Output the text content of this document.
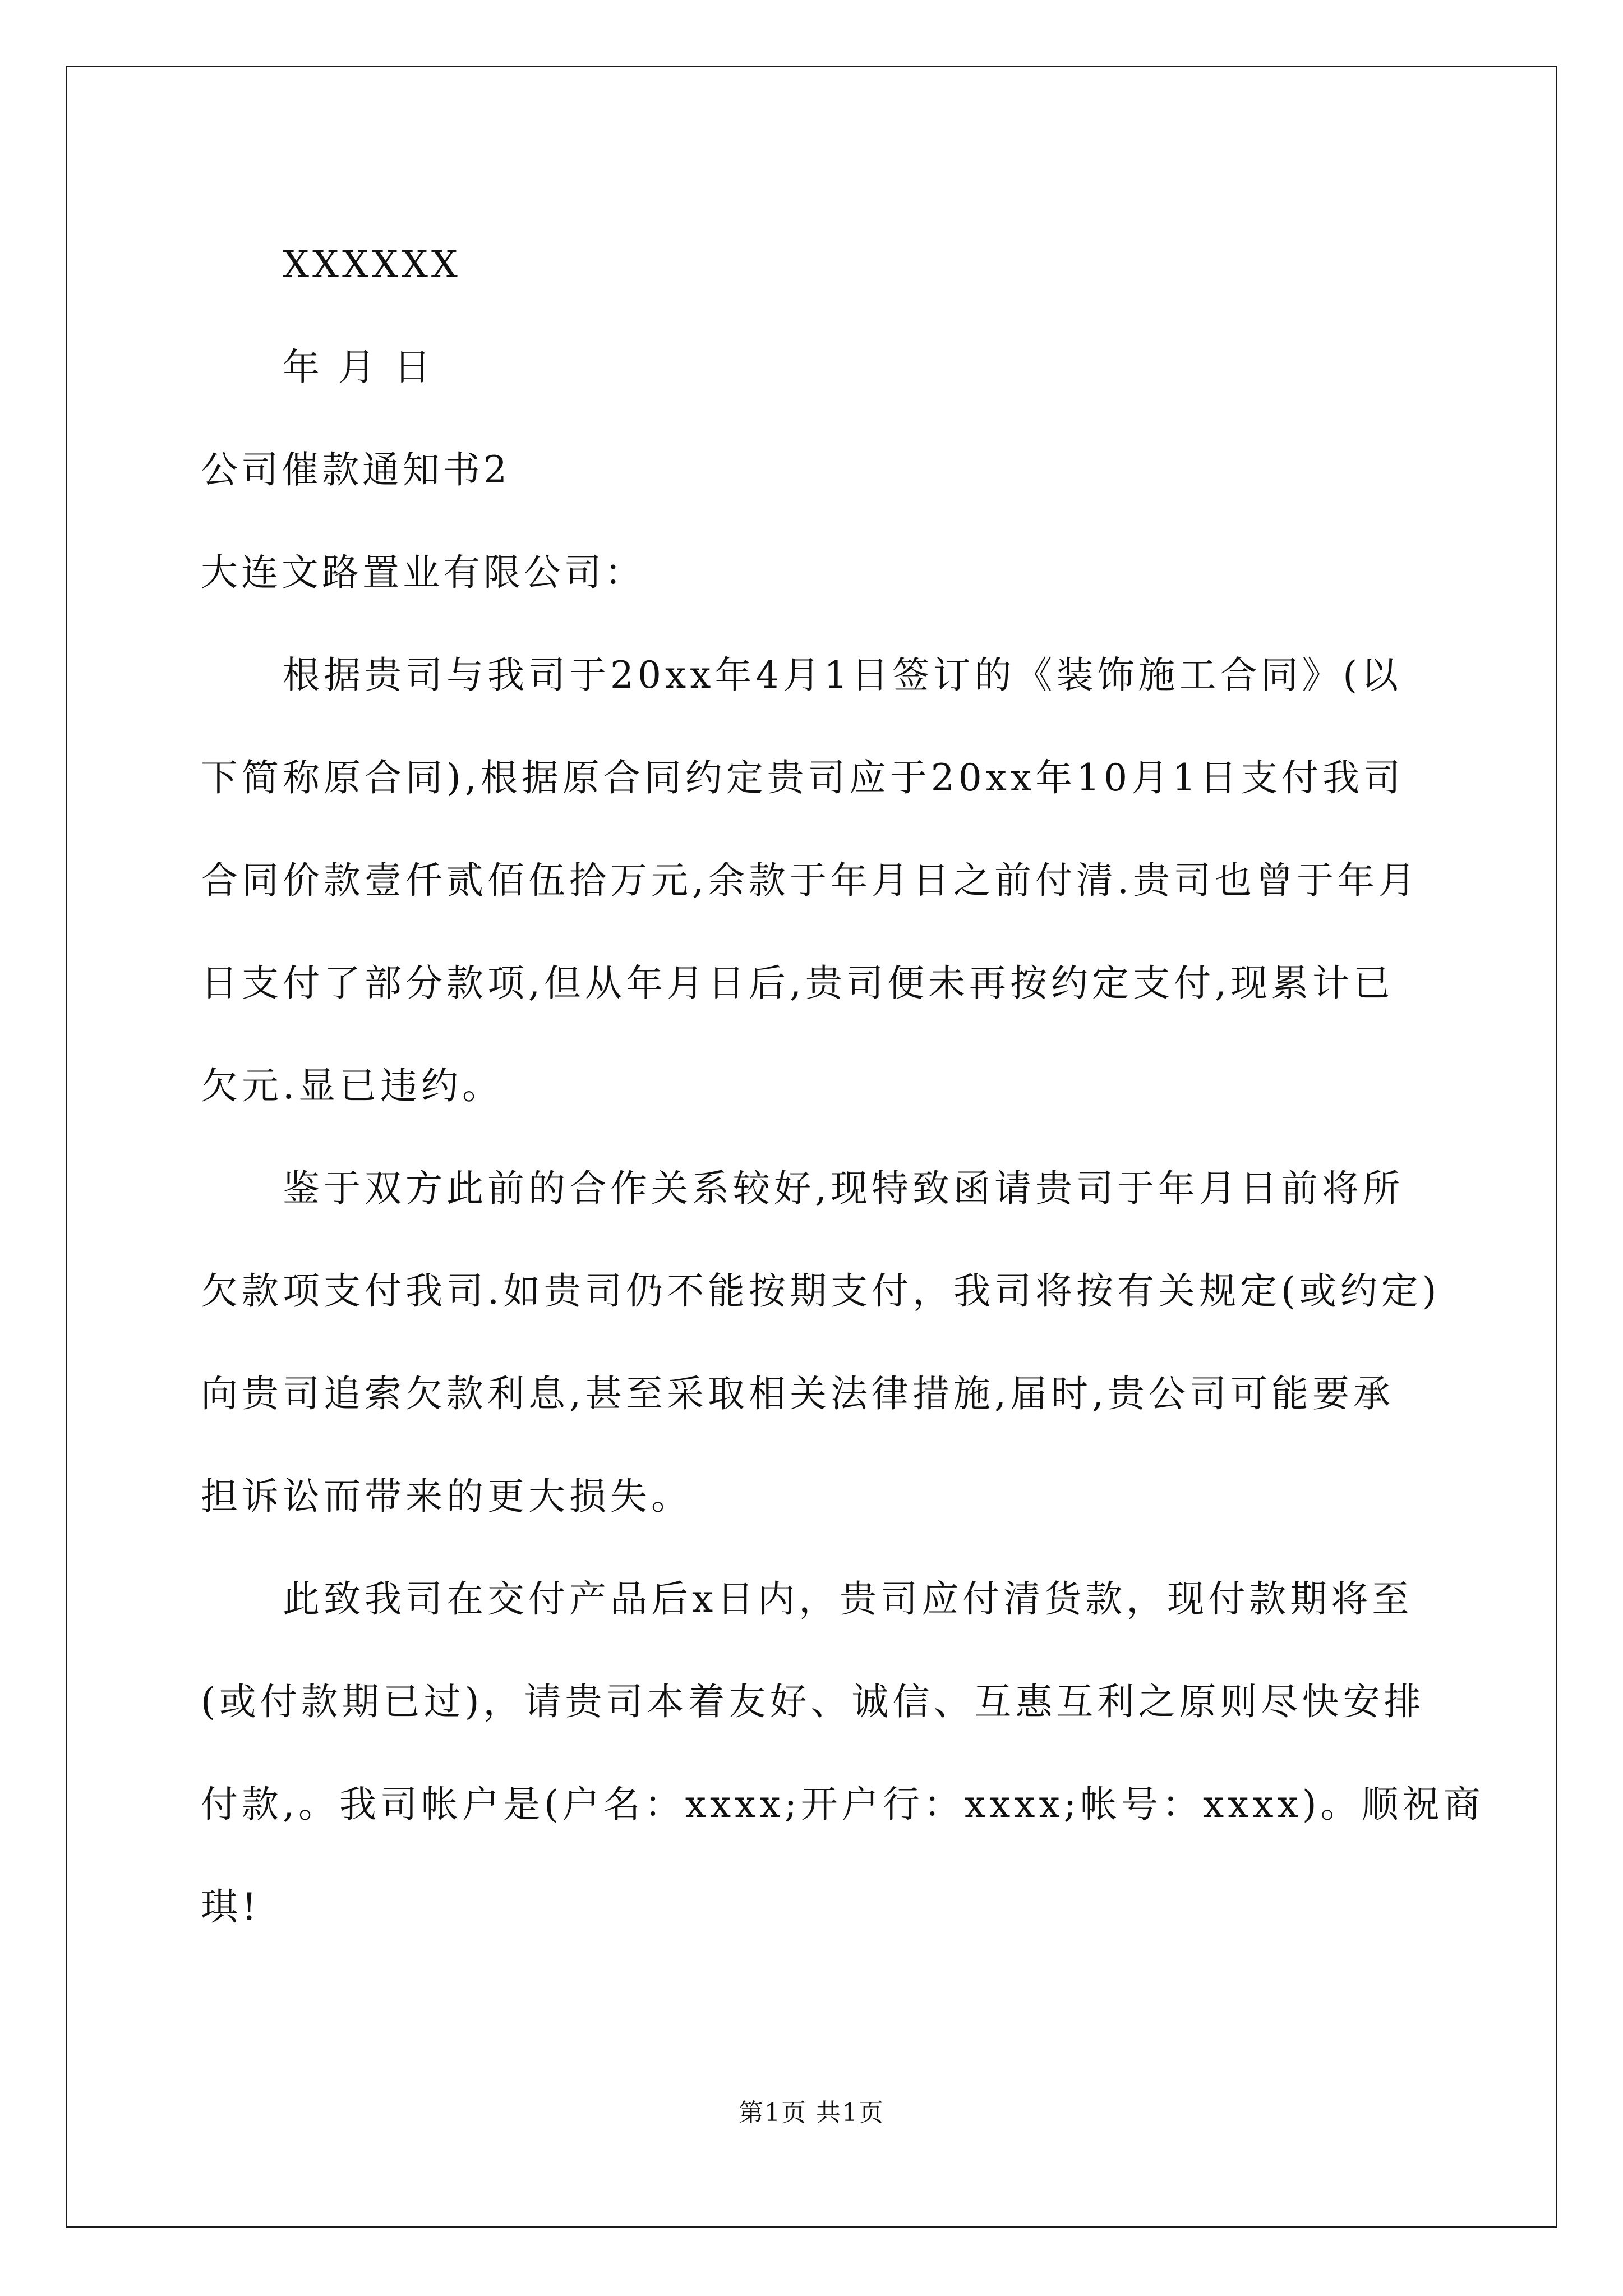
XXXXXX
年 月 日
公司催款通知书2
大连文路置业有限公司：
根据贵司与我司于20xx年4月1日签订的《装饰施工合同》(以
下简称原合同),根据原合同约定贵司应于20xx年10月1日支付我司
合同价款壹仟贰佰伍拾万元,余款于年月日之前付清.贵司也曾于年月
日支付了部分款项,但从年月日后,贵司便未再按约定支付,现累计已
欠元.显已违约。
鉴于双方此前的合作关系较好,现特致函请贵司于年月日前将所
欠款项支付我司.如贵司仍不能按期支付，我司将按有关规定(或约定)
向贵司追索欠款利息,甚至采取相关法律措施,届时,贵公司可能要承
担诉讼而带来的更大损失。
此致我司在交付产品后x日内，贵司应付清货款，现付款期将至
(或付款期已过)，请贵司本着友好、诚信、互惠互利之原则尽快安排
付款,。我司帐户是(户名：xxxx;开户行：xxxx;帐号：xxxx)。顺祝商
琪!
第1页 共1页
